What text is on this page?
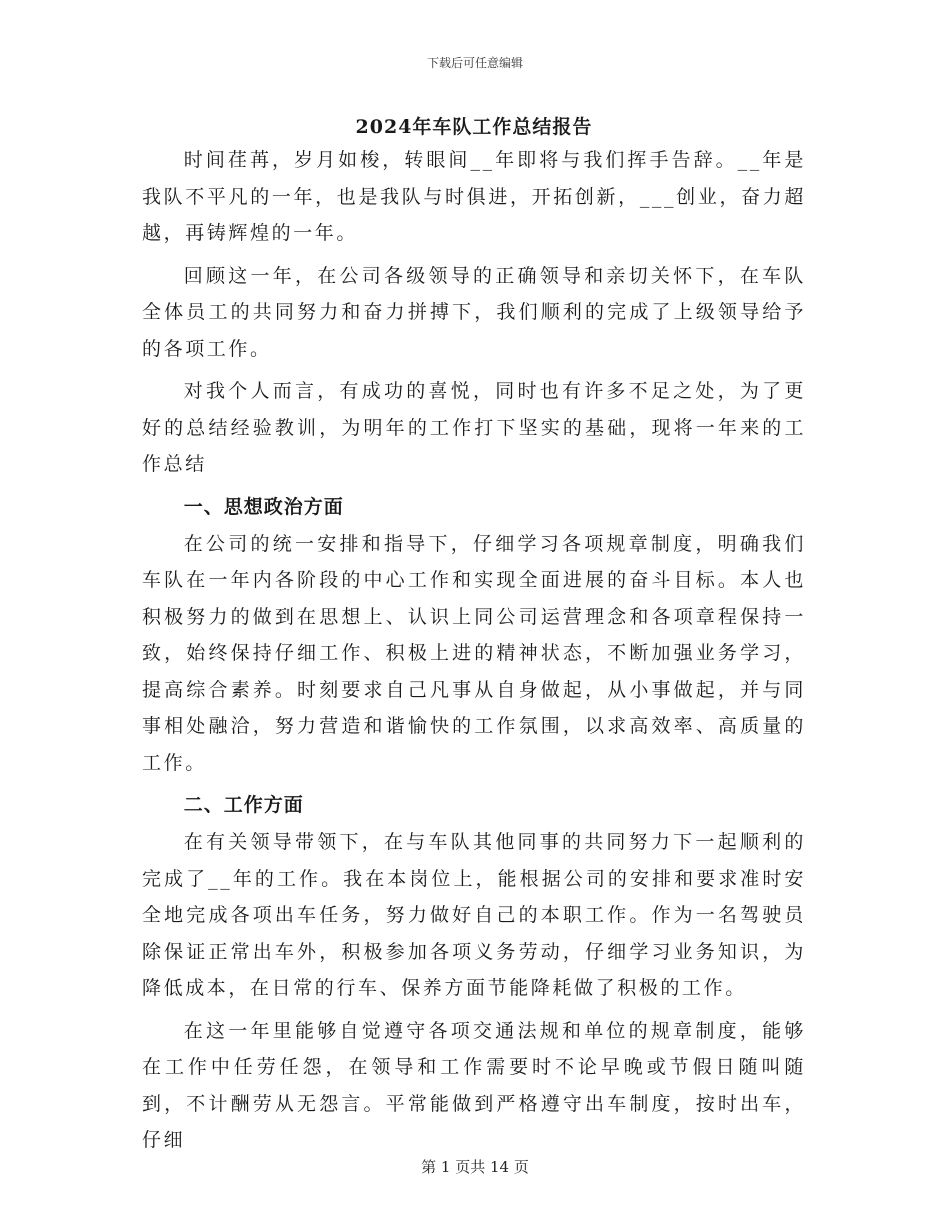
下载后可任意编辑
2024年车队工作总结报告

时间荏苒，岁月如梭，转眼间__年即将与我们挥手告辞。__年是我队不平凡的一年，也是我队与时俱进，开拓创新，___创业，奋力超越，再铸辉煌的一年。

回顾这一年，在公司各级领导的正确领导和亲切关怀下，在车队全体员工的共同努力和奋力拼搏下，我们顺利的完成了上级领导给予的各项工作。

对我个人而言，有成功的喜悦，同时也有许多不足之处，为了更好的总结经验教训，为明年的工作打下坚实的基础，现将一年来的工作总结

一、思想政治方面

在公司的统一安排和指导下，仔细学习各项规章制度，明确我们车队在一年内各阶段的中心工作和实现全面进展的奋斗目标。本人也积极努力的做到在思想上、认识上同公司运营理念和各项章程保持一致，始终保持仔细工作、积极上进的精神状态，不断加强业务学习，提高综合素养。时刻要求自己凡事从自身做起，从小事做起，并与同事相处融洽，努力营造和谐愉快的工作氛围，以求高效率、高质量的工作。

二、工作方面

在有关领导带领下，在与车队其他同事的共同努力下一起顺利的完成了__年的工作。我在本岗位上，能根据公司的安排和要求准时安全地完成各项出车任务，努力做好自己的本职工作。作为一名驾驶员除保证正常出车外，积极参加各项义务劳动，仔细学习业务知识，为降低成本，在日常的行车、保养方面节能降耗做了积极的工作。

在这一年里能够自觉遵守各项交通法规和单位的规章制度，能够在工作中任劳任怨，在领导和工作需要时不论早晚或节假日随叫随到，不计酬劳从无怨言。平常能做到严格遵守出车制度，按时出车，仔细

第 1 页共 14 页
